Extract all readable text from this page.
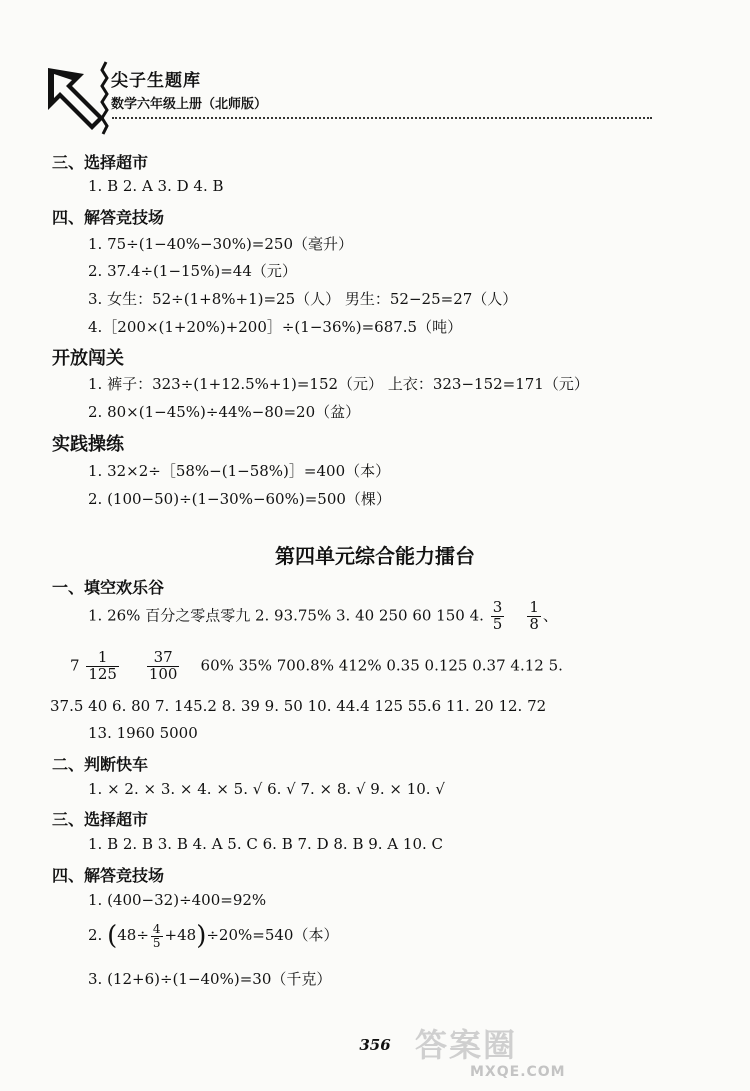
尖子生题库
数学六年级上册（北师版）
三、选择超市
1. B 2. A 3. D 4. B
四、解答竞技场
1. 75÷(1−40%−30%)=250（毫升）
2. 37.4÷(1−15%)=44（元）
3. 女生：52÷(1+8%+1)=25（人） 男生：52−25=27（人）
4.［200×(1+20%)+200］÷(1−36%)=687.5（吨）
开放闯关
1. 裤子：323÷(1+12.5%+1)=152（元） 上衣：323−152=171（元）
2. 80×(1−45%)÷44%−80=20（盆）
实践操练
1. 32×2÷［58%−(1−58%)］=400（本）
2. (100−50)÷(1−30%−60%)=500（棵）
第四单元综合能力擂台
一、填空欢乐谷
1. 26% 百分之零点零九 2. 93.75% 3. 40 250 60 150 4. $\frac{3}{5}$
$\frac{1}{8}$ 、
$7 \frac{1}{125}$
$\frac{37}{100} 60\%$ 35% 700.8% 412% 0.35 0.125 0.37 4.12 5.
37.5 40 6. 80 7. 145.2 8. 39 9. 50 10. 44.4 125 55.6 11. 20 12. 72
13. 1960 5000
二、判断快车
1. × 2. × 3. × 4. × 5. √ 6. √ 7. × 8. √ 9. × 10. √
三、选择超市
1. B 2. B 3. B 4. A 5. C 6. B 7. D 8. B 9. A 10. C
四、解答竞技场
1. (400−32)÷400=92%
2. $(48\div \frac{4}{5} +48)\div 20\%=540$（本）
3. (12+6)÷(1−40%)=30（千克）
356 答案圈
MXQE.COM
